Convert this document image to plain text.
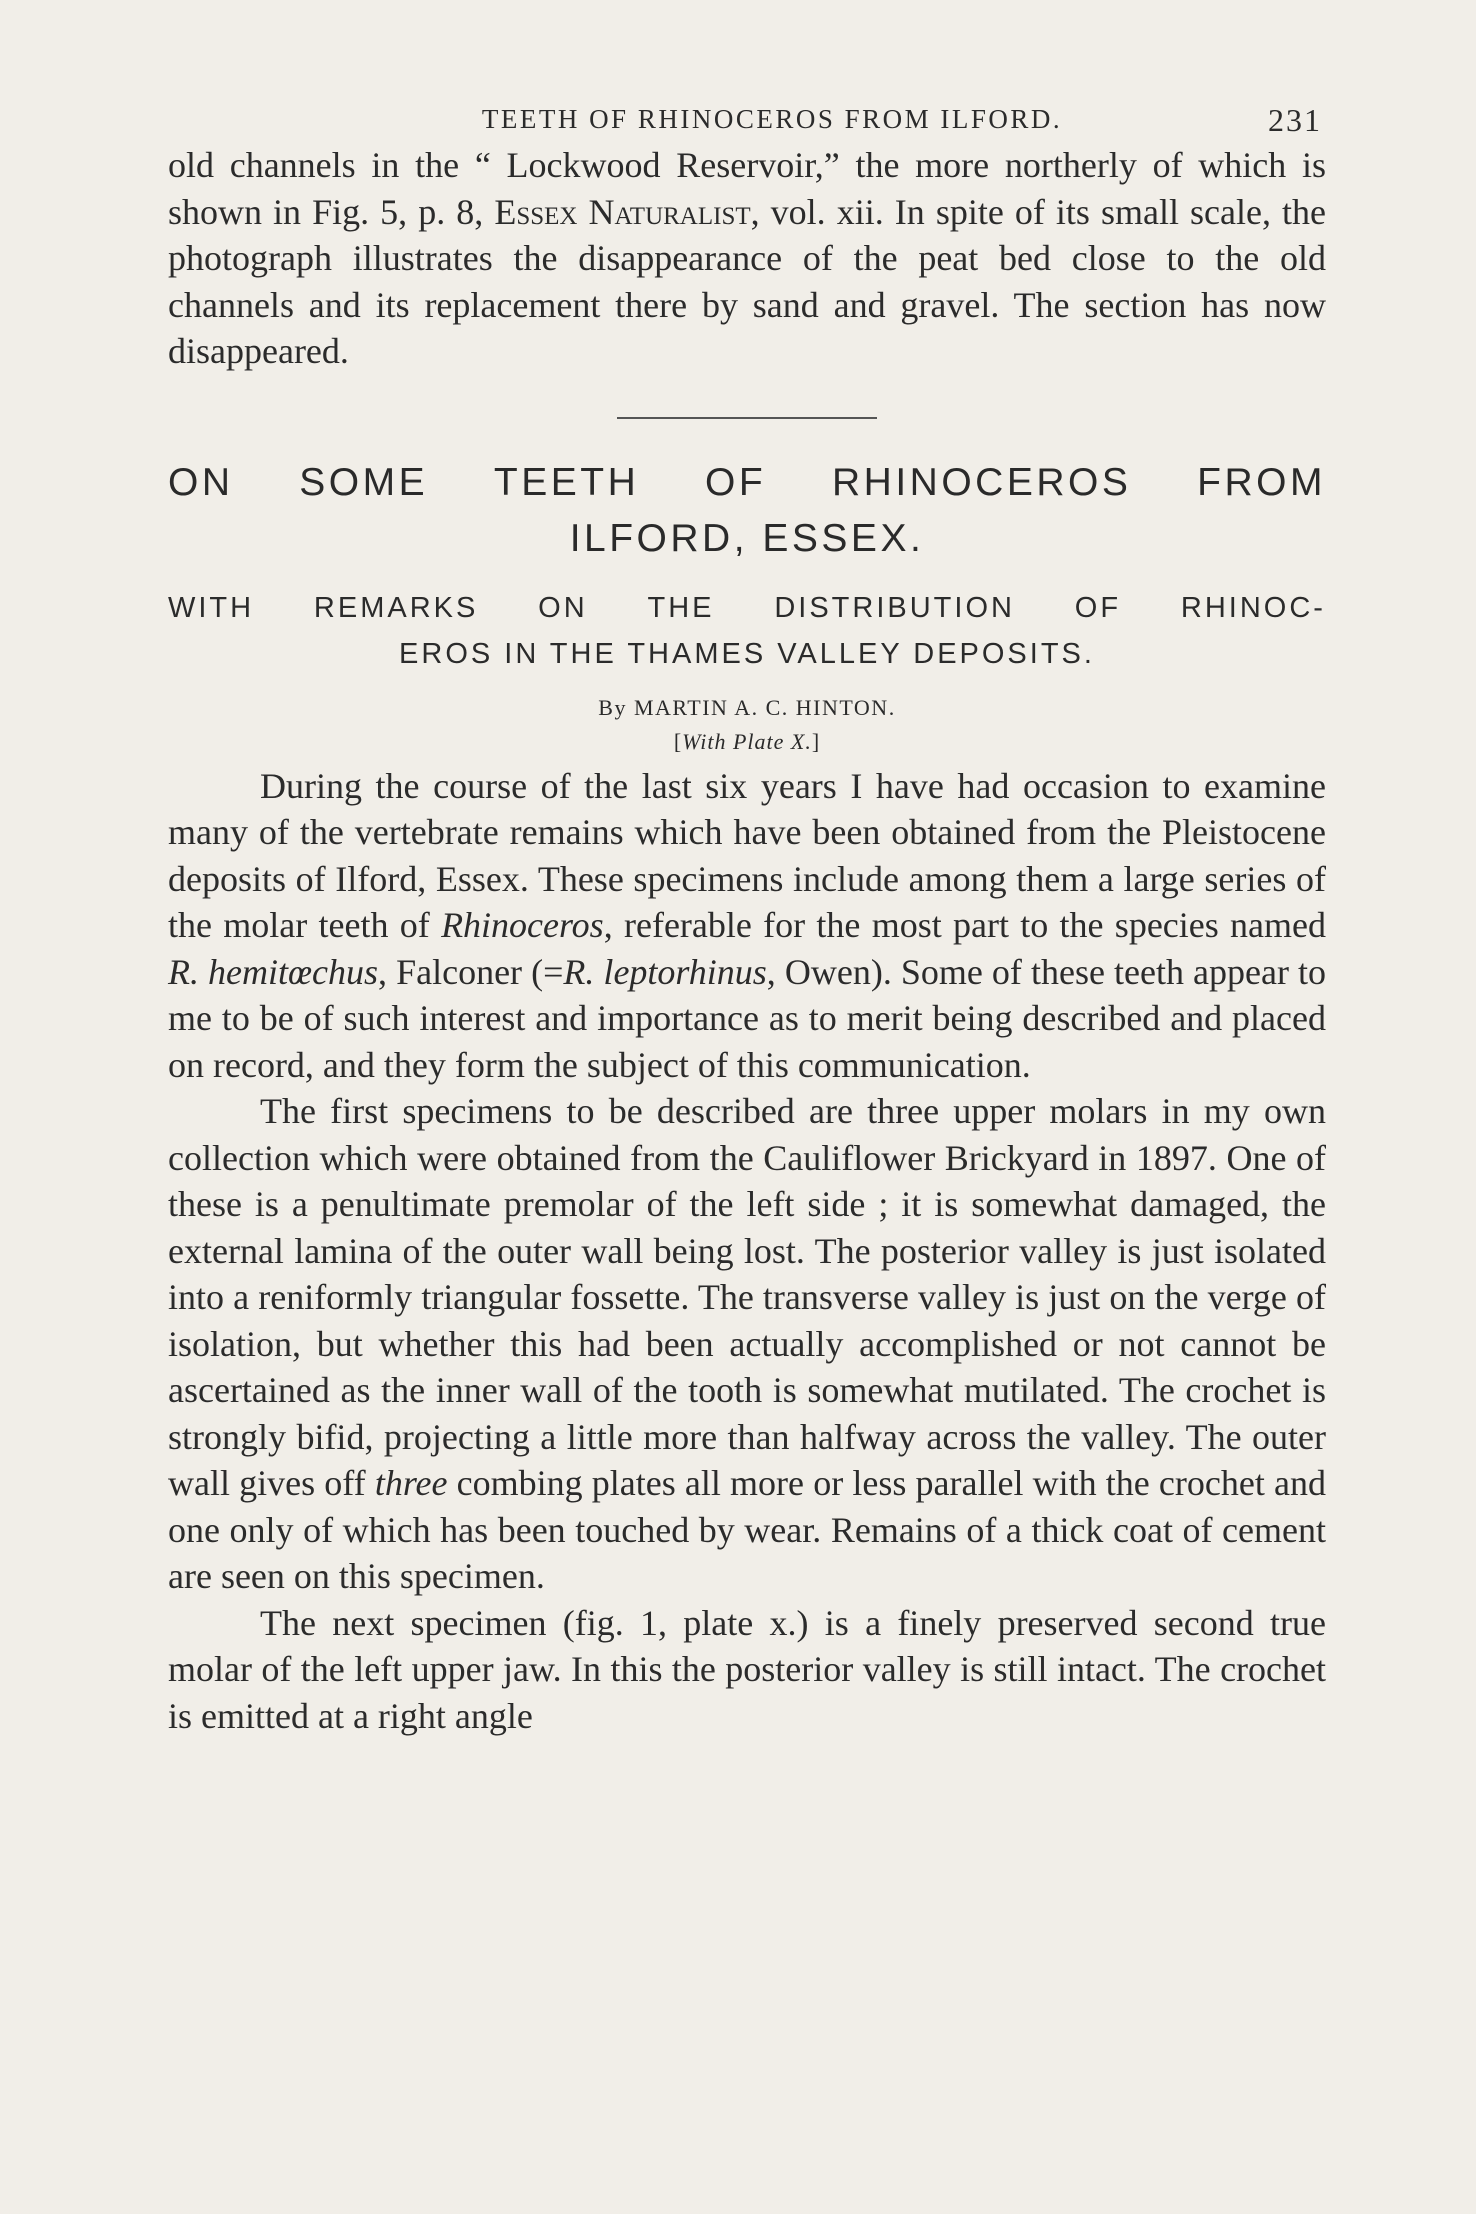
TEETH OF RHINOCEROS FROM ILFORD.	231

old channels in the “ Lockwood Reservoir,” the more northerly of which is shown in Fig. 5, p. 8, Essex Naturalist, vol. xii. In spite of its small scale, the photograph illustrates the disappearance of the peat bed close to the old channels and its replacement there by sand and gravel. The section has now disappeared.

ON SOME TEETH OF RHINOCEROS FROM
ILFORD, ESSEX.
WITH REMARKS ON THE DISTRIBUTION OF RHINOC-
EROS IN THE THAMES VALLEY DEPOSITS.
By MARTIN A. C. HINTON.
[With Plate X.]

During the course of the last six years I have had occasion to examine many of the vertebrate remains which have been obtained from the Pleistocene deposits of Ilford, Essex. These specimens include among them a large series of the molar teeth of Rhinoceros, referable for the most part to the species named R. hemitœchus, Falconer (=R. leptorhinus, Owen). Some of these teeth appear to me to be of such interest and importance as to merit being described and placed on record, and they form the subject of this communication.

The first specimens to be described are three upper molars in my own collection which were obtained from the Cauliflower Brickyard in 1897. One of these is a penultimate premolar of the left side ; it is somewhat damaged, the external lamina of the outer wall being lost. The posterior valley is just isolated into a reniformly triangular fossette. The transverse valley is just on the verge of isolation, but whether this had been actually accomplished or not cannot be ascertained as the inner wall of the tooth is somewhat mutilated. The crochet is strongly bifid, projecting a little more than halfway across the valley. The outer wall gives off three combing plates all more or less parallel with the crochet and one only of which has been touched by wear. Remains of a thick coat of cement are seen on this specimen.

The next specimen (fig. 1, plate x.) is a finely preserved second true molar of the left upper jaw. In this the posterior valley is still intact. The crochet is emitted at a right angle
